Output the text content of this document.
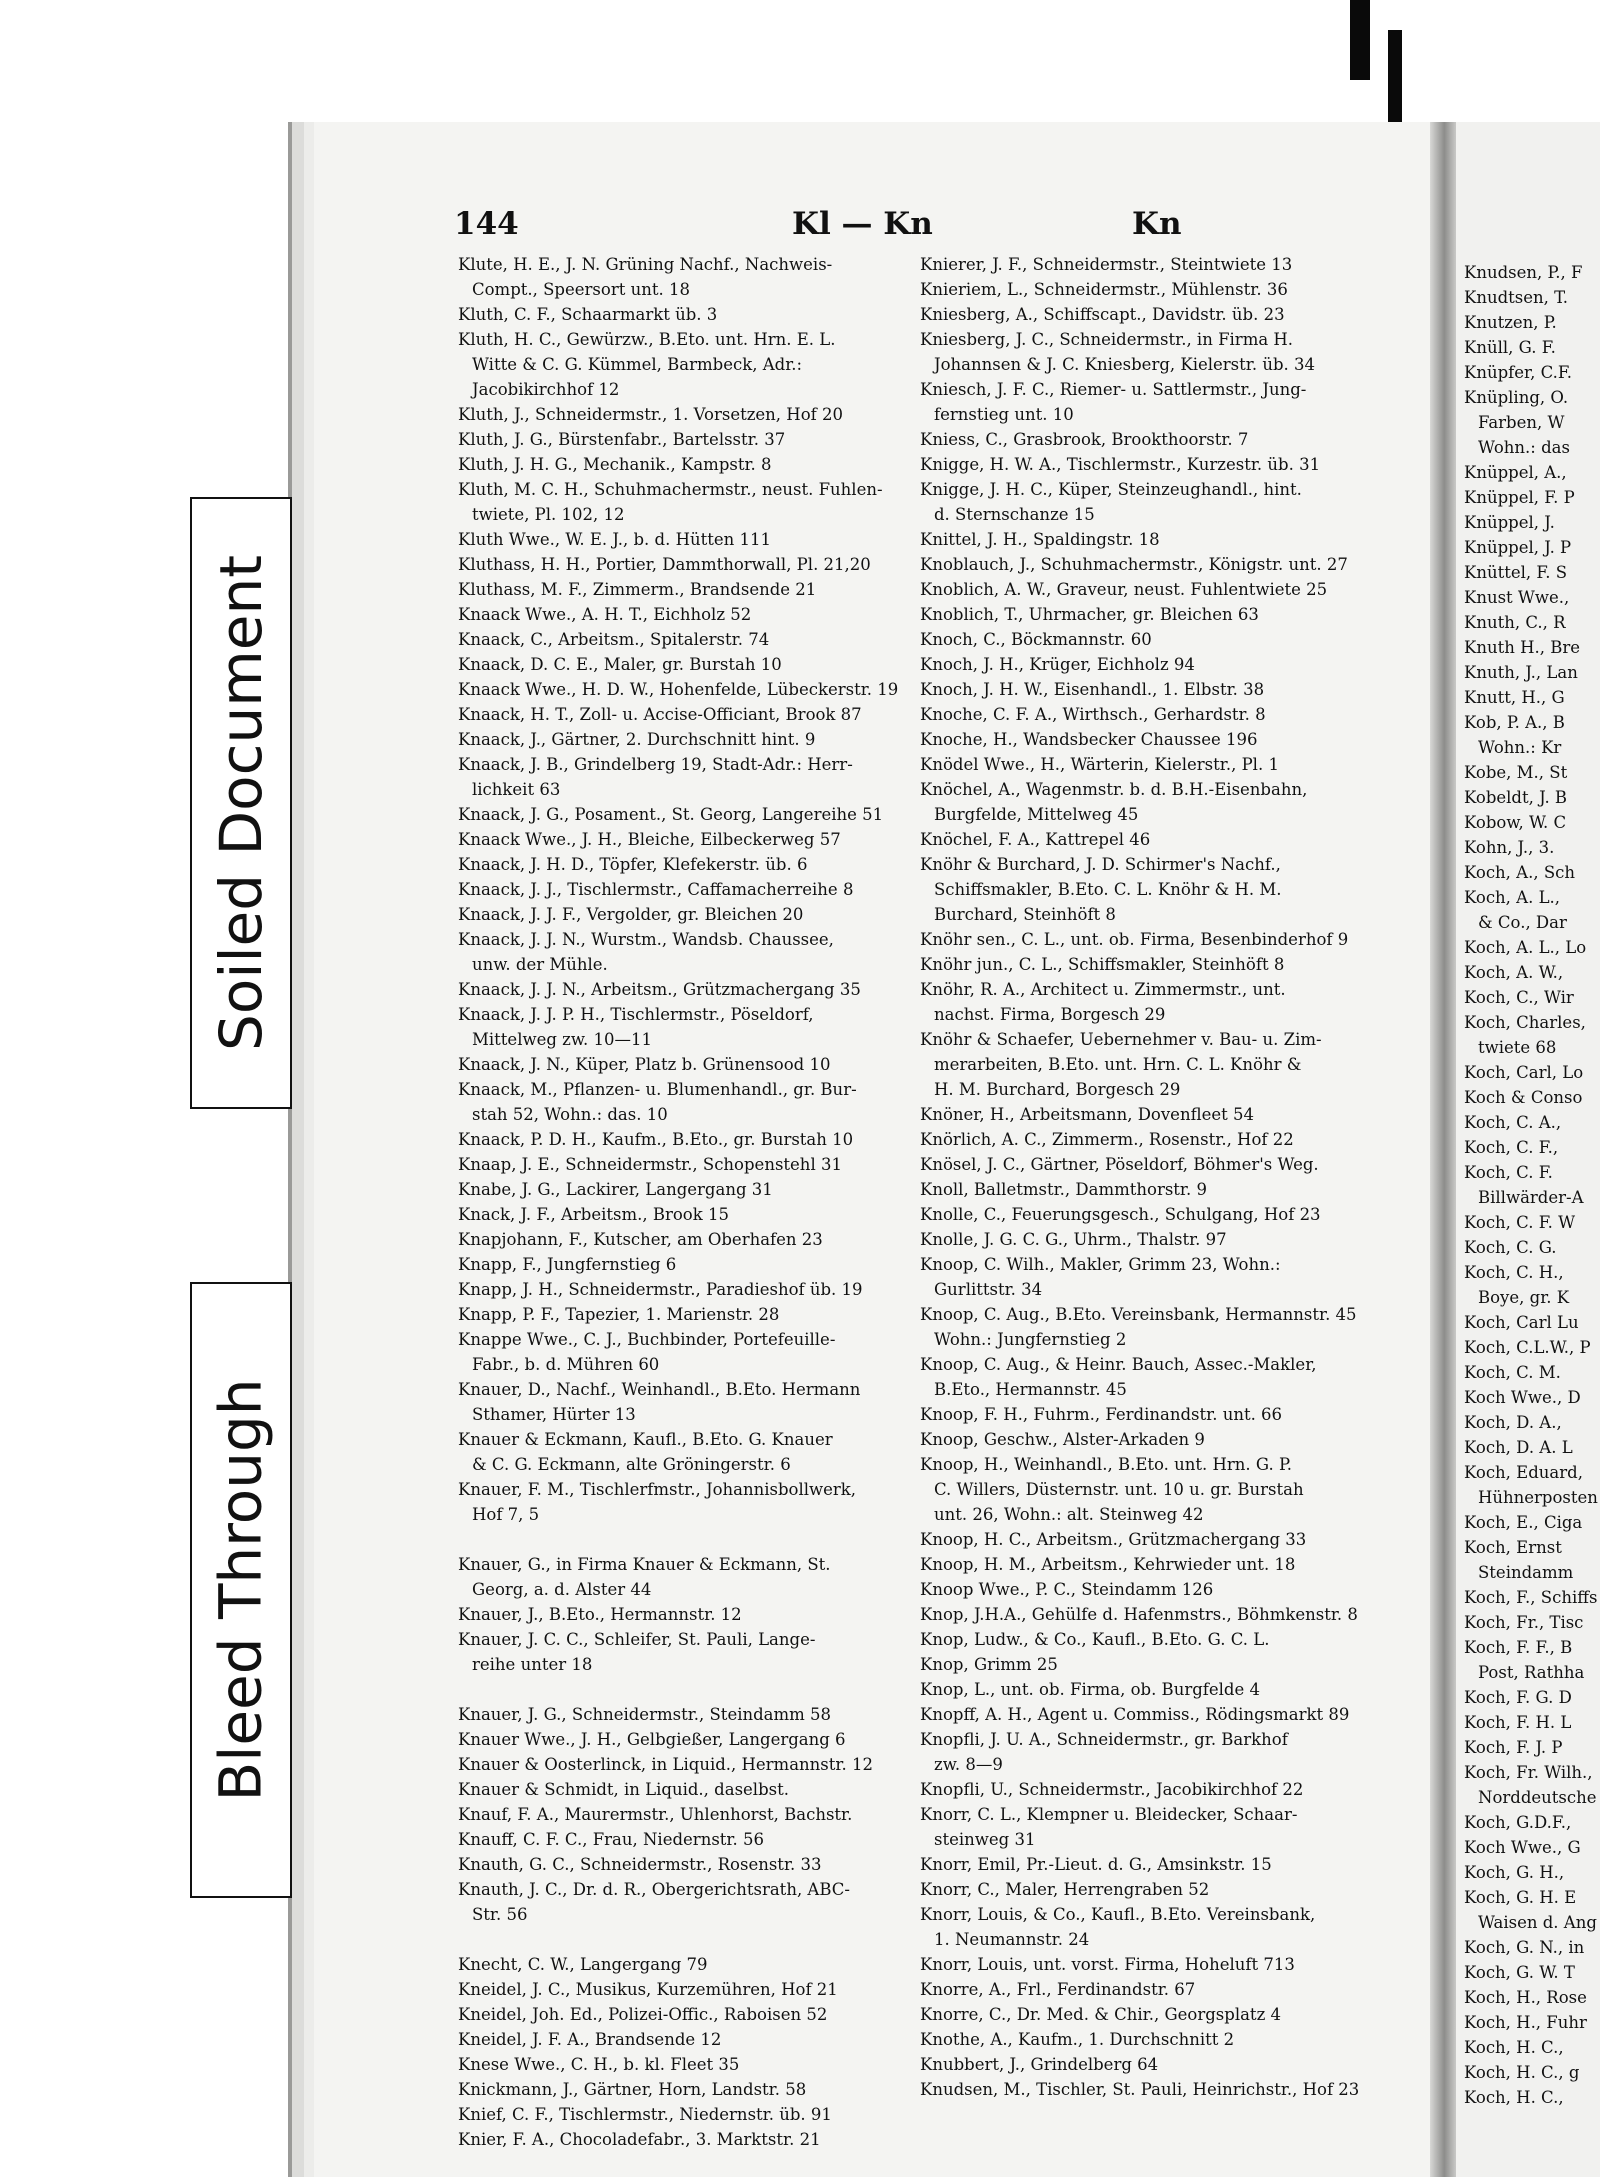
144	Kl — Kn	Kn
Klute, H. E., J. N. Grüning Nachf., Nachweis-
Compt., Speersort unt. 18
Kluth, C. F., Schaarmarkt üb. 3
Kluth, H. C., Gewürzw., B.Eto. unt. Hrn. E. L.
Witte & C. G. Kümmel, Barmbeck, Adr.:
Jacobikirchhof 12
Kluth, J., Schneidermstr., 1. Vorsetzen, Hof 20
Kluth, J. G., Bürstenfabr., Bartelsstr. 37
Kluth, J. H. G., Mechanik., Kampstr. 8
Kluth, M. C. H., Schuhmachermstr., neust. Fuhlen-
twiete, Pl. 102, 12
Kluth Wwe., W. E. J., b. d. Hütten 111
Kluthass, H. H., Portier, Dammthorwall, Pl. 21,20
Kluthass, M. F., Zimmerm., Brandsende 21
Knaack Wwe., A. H. T., Eichholz 52
Knaack, C., Arbeitsm., Spitalerstr. 74
Knaack, D. C. E., Maler, gr. Burstah 10
Knaack Wwe., H. D. W., Hohenfelde, Lübeckerstr. 19
Knaack, H. T., Zoll- u. Accise-Officiant, Brook 87
Knaack, J., Gärtner, 2. Durchschnitt hint. 9
Knaack, J. B., Grindelberg 19, Stadt-Adr.: Herr-
lichkeit 63
Knaack, J. G., Posament., St. Georg, Langereihe 51
Knaack Wwe., J. H., Bleiche, Eilbeckerweg 57
Knaack, J. H. D., Töpfer, Klefekerstr. üb. 6
Knaack, J. J., Tischlermstr., Caffamacherreihe 8
Knaack, J. J. F., Vergolder, gr. Bleichen 20
Knaack, J. J. N., Wurstm., Wandsb. Chaussee,
unw. der Mühle.
Knaack, J. J. N., Arbeitsm., Grützmachergang 35
Knaack, J. J. P. H., Tischlermstr., Pöseldorf,
Mittelweg zw. 10—11
Knaack, J. N., Küper, Platz b. Grünensood 10
Knaack, M., Pflanzen- u. Blumenhandl., gr. Bur-
stah 52, Wohn.: das. 10
Knaack, P. D. H., Kaufm., B.Eto., gr. Burstah 10
Knaap, J. E., Schneidermstr., Schopenstehl 31
Knabe, J. G., Lackirer, Langergang 31
Knack, J. F., Arbeitsm., Brook 15
Knapjohann, F., Kutscher, am Oberhafen 23
Knapp, F., Jungfernstieg 6
Knapp, J. H., Schneidermstr., Paradieshof üb. 19
Knapp, P. F., Tapezier, 1. Marienstr. 28
Knappe Wwe., C. J., Buchbinder, Portefeuille-
Fabr., b. d. Mühren 60
Knauer, D., Nachf., Weinhandl., B.Eto. Hermann
Sthamer, Hürter 13
Knauer & Eckmann, Kaufl., B.Eto. G. Knauer
& C. G. Eckmann, alte Gröningerstr. 6
Knauer, F. M., Tischlerfmstr., Johannisbollwerk,
Hof 7, 5
Knauer, G., in Firma Knauer & Eckmann, St.
Georg, a. d. Alster 44
Knauer, J., B.Eto., Hermannstr. 12
Knauer, J. C. C., Schleifer, St. Pauli, Lange-
reihe unter 18
Knauer, J. G., Schneidermstr., Steindamm 58
Knauer Wwe., J. H., Gelbgießer, Langergang 6
Knauer & Oosterlinck, in Liquid., Hermannstr. 12
Knauer & Schmidt, in Liquid., daselbst.
Knauf, F. A., Maurermstr., Uhlenhorst, Bachstr.
Knauff, C. F. C., Frau, Niedernstr. 56
Knauth, G. C., Schneidermstr., Rosenstr. 33
Knauth, J. C., Dr. d. R., Obergerichtsrath, ABC-
Str. 56
Knecht, C. W., Langergang 79
Kneidel, J. C., Musikus, Kurzemühren, Hof 21
Kneidel, Joh. Ed., Polizei-Offic., Raboisen 52
Kneidel, J. F. A., Brandsende 12
Knese Wwe., C. H., b. kl. Fleet 35
Knickmann, J., Gärtner, Horn, Landstr. 58
Knief, C. F., Tischlermstr., Niedernstr. üb. 91
Knier, F. A., Chocoladefabr., 3. Marktstr. 21
Knierer, J. F., Schneidermstr., Steintwiete 13
Knieriem, L., Schneidermstr., Mühlenstr. 36
Kniesberg, A., Schiffscapt., Davidstr. üb. 23
Kniesberg, J. C., Schneidermstr., in Firma H.
Johannsen & J. C. Kniesberg, Kielerstr. üb. 34
Kniesch, J. F. C., Riemer- u. Sattlermstr., Jung-
fernstieg unt. 10
Kniess, C., Grasbrook, Brookthoorstr. 7
Knigge, H. W. A., Tischlermstr., Kurzestr. üb. 31
Knigge, J. H. C., Küper, Steinzeughandl., hint.
d. Sternschanze 15
Knittel, J. H., Spaldingstr. 18
Knoblauch, J., Schuhmachermstr., Königstr. unt. 27
Knoblich, A. W., Graveur, neust. Fuhlentwiete 25
Knoblich, T., Uhrmacher, gr. Bleichen 63
Knoch, C., Böckmannstr. 60
Knoch, J. H., Krüger, Eichholz 94
Knoch, J. H. W., Eisenhandl., 1. Elbstr. 38
Knoche, C. F. A., Wirthsch., Gerhardstr. 8
Knoche, H., Wandsbecker Chaussee 196
Knödel Wwe., H., Wärterin, Kielerstr., Pl. 1
Knöchel, A., Wagenmstr. b. d. B.H.-Eisenbahn,
Burgfelde, Mittelweg 45
Knöchel, F. A., Kattrepel 46
Knöhr & Burchard, J. D. Schirmer's Nachf.,
Schiffsmakler, B.Eto. C. L. Knöhr & H. M.
Burchard, Steinhöft 8
Knöhr sen., C. L., unt. ob. Firma, Besenbinderhof 9
Knöhr jun., C. L., Schiffsmakler, Steinhöft 8
Knöhr, R. A., Architect u. Zimmermstr., unt.
nachst. Firma, Borgesch 29
Knöhr & Schaefer, Uebernehmer v. Bau- u. Zim-
merarbeiten, B.Eto. unt. Hrn. C. L. Knöhr &
H. M. Burchard, Borgesch 29
Knöner, H., Arbeitsmann, Dovenfleet 54
Knörlich, A. C., Zimmerm., Rosenstr., Hof 22
Knösel, J. C., Gärtner, Pöseldorf, Böhmer's Weg.
Knoll, Balletmstr., Dammthorstr. 9
Knolle, C., Feuerungsgesch., Schulgang, Hof 23
Knolle, J. G. C. G., Uhrm., Thalstr. 97
Knoop, C. Wilh., Makler, Grimm 23, Wohn.:
Gurlittstr. 34
Knoop, C. Aug., B.Eto. Vereinsbank, Hermannstr. 45
Wohn.: Jungfernstieg 2
Knoop, C. Aug., & Heinr. Bauch, Assec.-Makler,
B.Eto., Hermannstr. 45
Knoop, F. H., Fuhrm., Ferdinandstr. unt. 66
Knoop, Geschw., Alster-Arkaden 9
Knoop, H., Weinhandl., B.Eto. unt. Hrn. G. P.
C. Willers, Düsternstr. unt. 10 u. gr. Burstah
unt. 26, Wohn.: alt. Steinweg 42
Knoop, H. C., Arbeitsm., Grützmachergang 33
Knoop, H. M., Arbeitsm., Kehrwieder unt. 18
Knoop Wwe., P. C., Steindamm 126
Knop, J.H.A., Gehülfe d. Hafenmstrs., Böhmkenstr. 8
Knop, Ludw., & Co., Kaufl., B.Eto. G. C. L.
Knop, Grimm 25
Knop, L., unt. ob. Firma, ob. Burgfelde 4
Knopff, A. H., Agent u. Commiss., Rödingsmarkt 89
Knopfli, J. U. A., Schneidermstr., gr. Barkhof
zw. 8—9
Knopfli, U., Schneidermstr., Jacobikirchhof 22
Knorr, C. L., Klempner u. Bleidecker, Schaar-
steinweg 31
Knorr, Emil, Pr.-Lieut. d. G., Amsinkstr. 15
Knorr, C., Maler, Herrengraben 52
Knorr, Louis, & Co., Kaufl., B.Eto. Vereinsbank,
1. Neumannstr. 24
Knorr, Louis, unt. vorst. Firma, Hoheluft 713
Knorre, A., Frl., Ferdinandstr. 67
Knorre, C., Dr. Med. & Chir., Georgsplatz 4
Knothe, A., Kaufm., 1. Durchschnitt 2
Knubbert, J., Grindelberg 64
Knudsen, M., Tischler, St. Pauli, Heinrichstr., Hof 23
Knudsen, P., F
Knudtsen, T.
Knutzen, P.
Knüll, G. F.
Knüpfer, C.F.
Knüpling, O.
Farben, W
Wohn.: das
Knüppel, A.,
Knüppel, F. P
Knüppel, J.
Knüppel, J. P
Knüttel, F. S
Knust Wwe.,
Knuth, C., R
Knuth H., Bre
Knuth, J., Lan
Knutt, H., G
Kob, P. A., B
Wohn.: Kr
Kobe, M., St
Kobeldt, J. B
Kobow, W. C
Kohn, J., 3.
Koch, A., Sch
Koch, A. L.,
& Co., Dar
Koch, A. L., Lo
Koch, A. W.,
Koch, C., Wir
Koch, Charles,
twiete 68
Koch, Carl, Lo
Koch & Conso
Koch, C. A.,
Koch, C. F.,
Koch, C. F.
Billwärder-A
Koch, C. F. W
Koch, C. G.
Koch, C. H.,
Boye, gr. K
Koch, Carl Lu
Koch, C.L.W., P
Koch, C. M.
Koch Wwe., D
Koch, D. A.,
Koch, D. A. L
Koch, Eduard,
Hühnerposten
Koch, E., Ciga
Koch, Ernst
Steindamm
Koch, F., Schiffs
Koch, Fr., Tisc
Koch, F. F., B
Post, Rathha
Koch, F. G. D
Koch, F. H. L
Koch, F. J. P
Koch, Fr. Wilh.,
Norddeutsche
Koch, G.D.F.,
Koch Wwe., G
Koch, G. H.,
Koch, G. H. E
Waisen d. Ang
Koch, G. N., in
Koch, G. W. T
Koch, H., Rose
Koch, H., Fuhr
Koch, H. C.,
Koch, H. C., g
Koch, H. C.,
Soiled Document
Bleed Through
